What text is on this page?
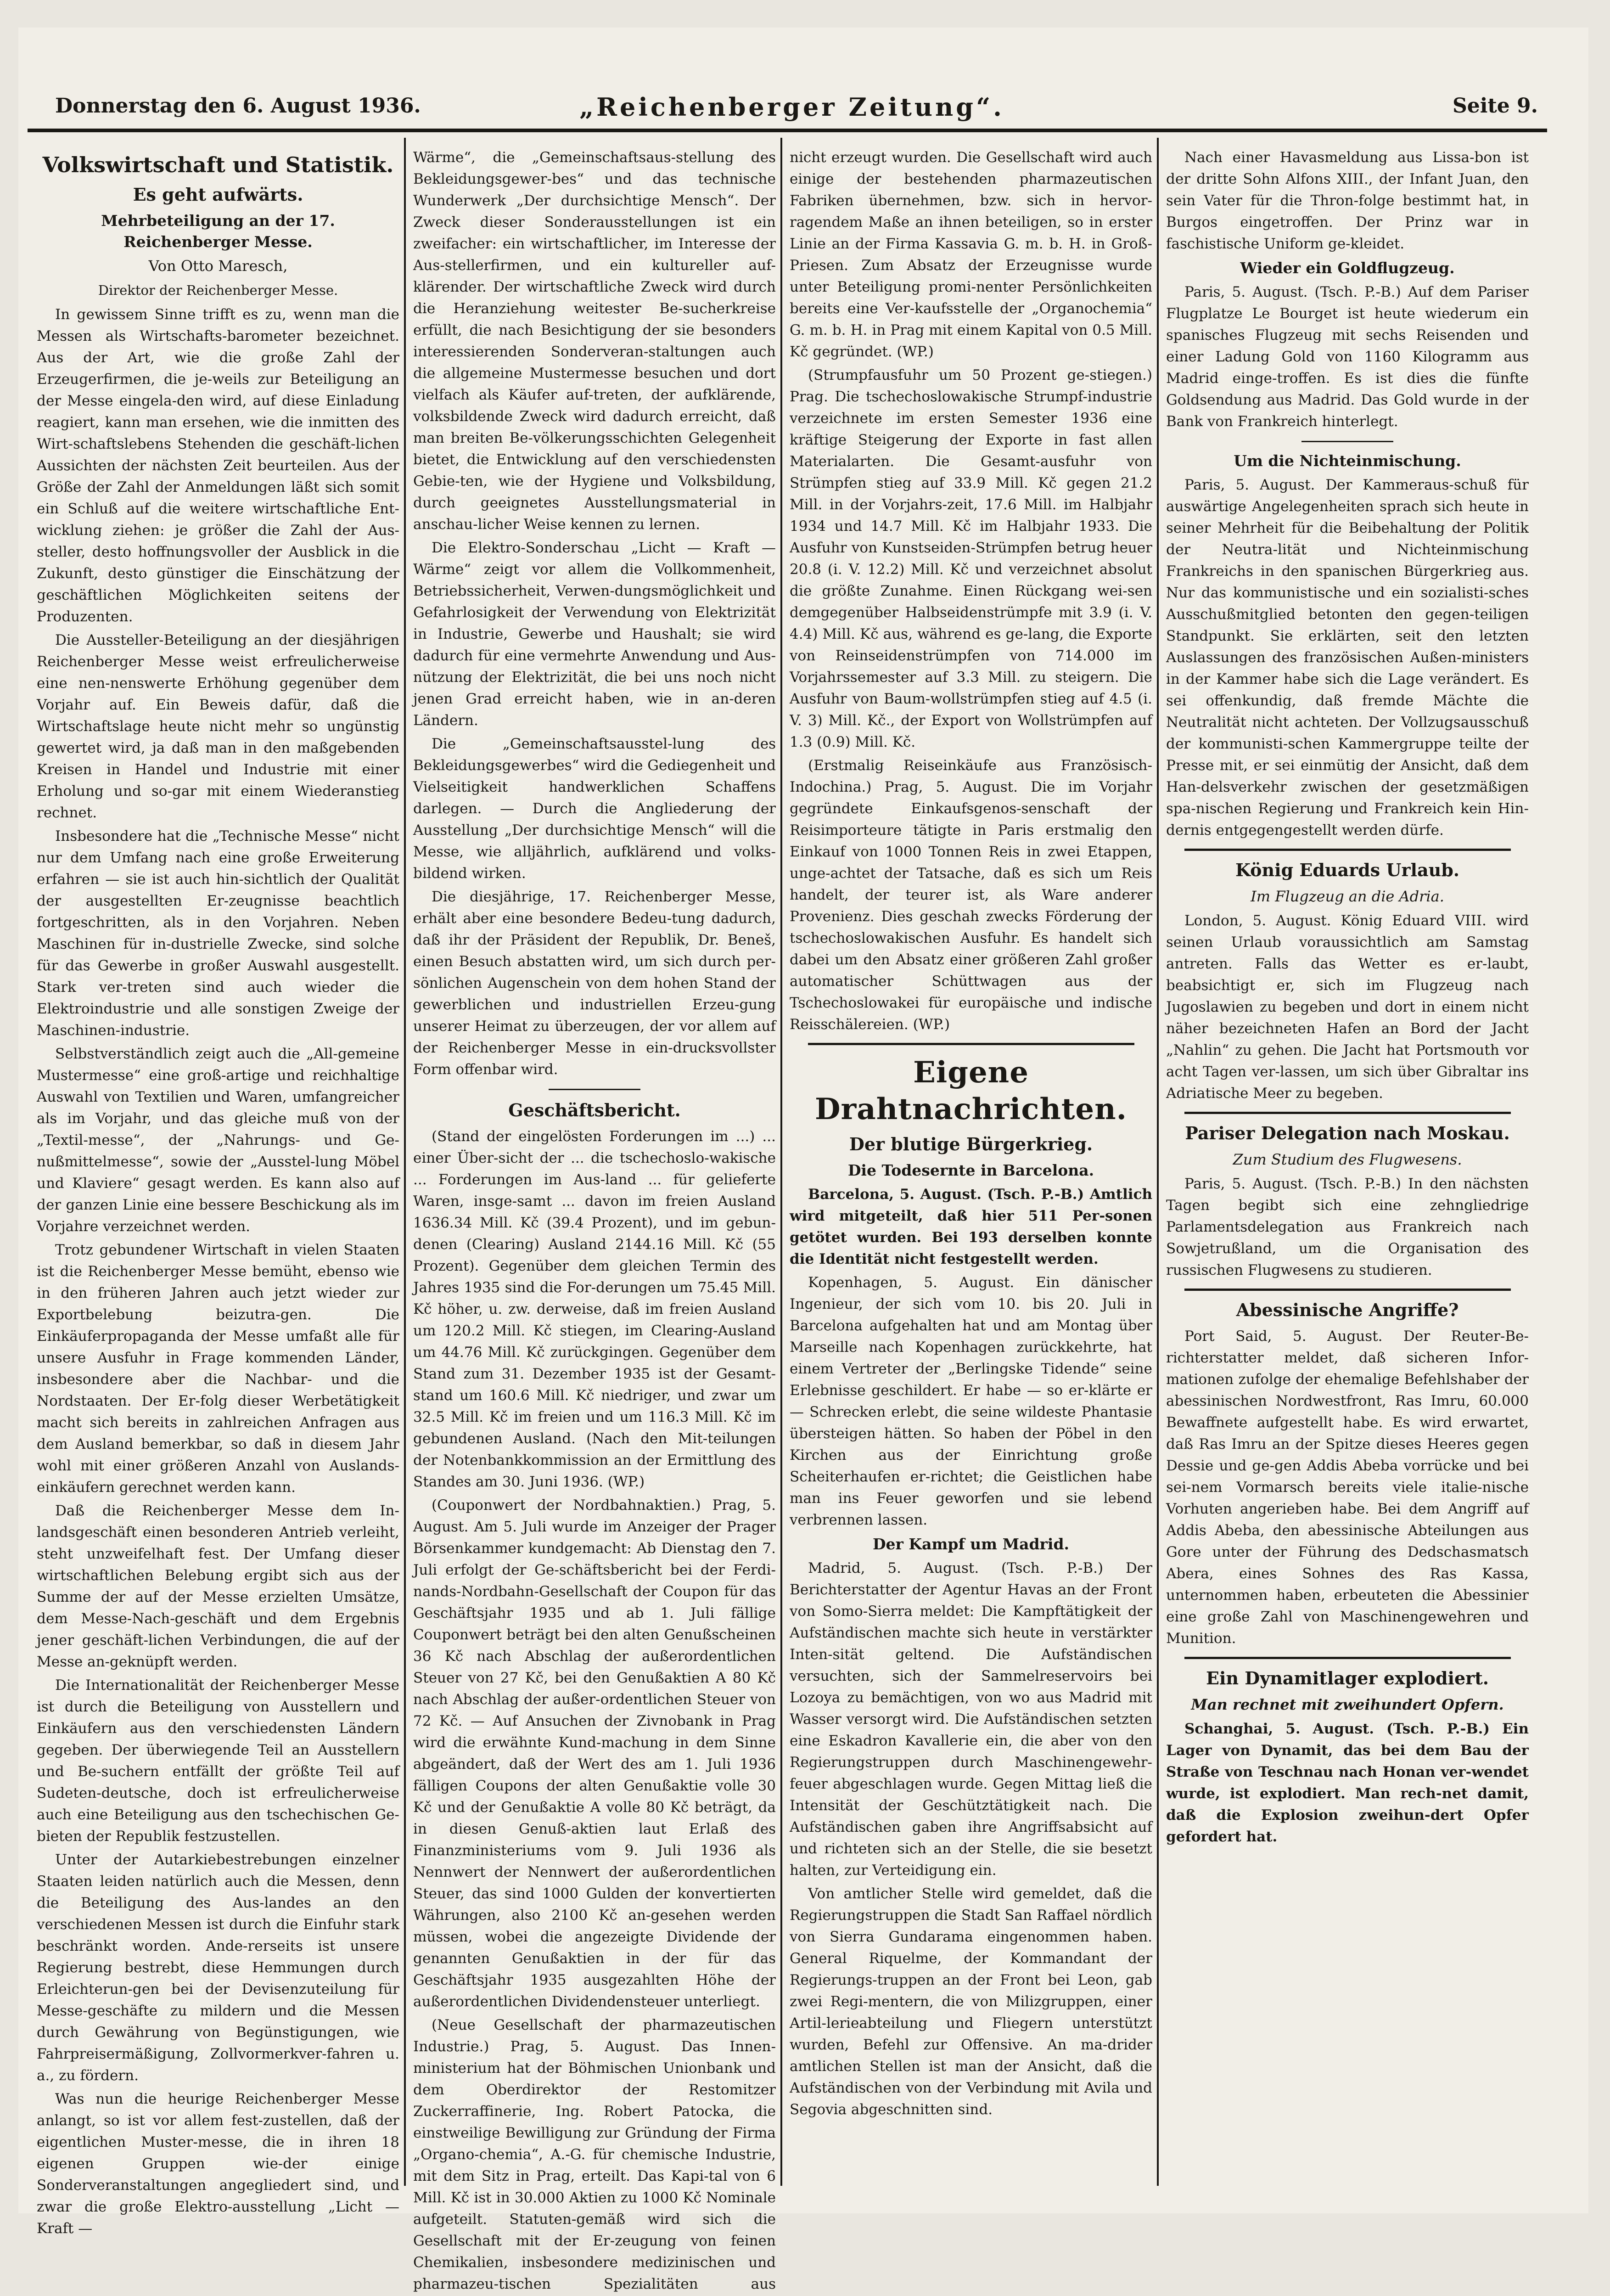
Donnerstag den 6. August 1936.	„Reichenberger Zeitung“.	Seite 9.
Volkswirtschaft und Statistik.
Es geht aufwärts.
Mehrbeteiligung an der 17. Reichenberger Messe.
Von Otto Maresch,
Direktor der Reichenberger Messe.

In gewissem Sinne trifft es zu, wenn man die Messen als Wirtschafts-barometer bezeichnet. Aus der Art, wie die große Zahl der Erzeugerfirmen, die je-weils zur Beteiligung an der Messe eingela-den wird, auf diese Einladung reagiert, kann man ersehen, wie die inmitten des Wirt-schaftslebens Stehenden die geschäft-lichen Aussichten der nächsten Zeit beurteilen. Aus der Größe der Zahl der Anmeldungen läßt sich somit ein Schluß auf die weitere wirtschaftliche Ent-wicklung ziehen: je größer die Zahl der Aus-steller, desto hoffnungsvoller der Ausblick in die Zukunft, desto günstiger die Einschätzung der geschäftlichen Möglichkeiten seitens der Produzenten.

Die Aussteller-Beteiligung an der diesjährigen Reichenberger Messe weist erfreulicherweise eine nen-nenswerte Erhöhung gegenüber dem Vorjahr auf. Ein Beweis dafür, daß die Wirtschaftslage heute nicht mehr so ungünstig gewertet wird, ja daß man in den maßgebenden Kreisen in Handel und Industrie mit einer Erholung und so-gar mit einem Wiederanstieg rechnet.

Insbesondere hat die „Technische Messe“ nicht nur dem Umfang nach eine große Erweiterung erfahren — sie ist auch hin-sichtlich der Qualität der ausgestellten Er-zeugnisse beachtlich fortgeschritten, als in den Vorjahren. Neben Maschinen für in-dustrielle Zwecke, sind solche für das Gewerbe in großer Auswahl ausgestellt. Stark ver-treten sind auch wieder die Elektroindustrie und alle sonstigen Zweige der Maschinen-industrie.

Selbstverständlich zeigt auch die „All-gemeine Mustermesse“ eine groß-artige und reichhaltige Auswahl von Textilien und Waren, umfangreicher als im Vorjahr, und das gleiche muß von der „Textil-messe“, der „Nahrungs- und Ge-nußmittelmesse“, sowie der „Ausstel-lung Möbel und Klaviere“ gesagt werden. Es kann also auf der ganzen Linie eine bessere Beschickung als im Vorjahre verzeichnet werden.

Trotz gebundener Wirtschaft in vielen Staaten ist die Reichenberger Messe bemüht, ebenso wie in den früheren Jahren auch jetzt wieder zur Exportbelebung beizutra-gen. Die Einkäuferpropaganda der Messe umfaßt alle für unsere Ausfuhr in Frage kommenden Länder, insbesondere aber die Nachbar- und die Nordstaaten. Der Er-folg dieser Werbetätigkeit macht sich bereits in zahlreichen Anfragen aus dem Ausland bemerkbar, so daß in diesem Jahr wohl mit einer größeren Anzahl von Auslands-einkäufern gerechnet werden kann.

Daß die Reichenberger Messe dem In-landsgeschäft einen besonderen Antrieb verleiht, steht unzweifelhaft fest. Der Umfang dieser wirtschaftlichen Belebung ergibt sich aus der Summe der auf der Messe erzielten Umsätze, dem Messe-Nach-geschäft und dem Ergebnis jener geschäft-lichen Verbindungen, die auf der Messe an-geknüpft werden.

Die Internationalität der Reichenberger Messe ist durch die Beteiligung von Ausstellern und Einkäufern aus den verschiedensten Ländern gegeben. Der überwiegende Teil an Ausstellern und Be-suchern entfällt der größte Teil auf Sudeten-deutsche, doch ist erfreulicherweise auch eine Beteiligung aus den tschechischen Ge-bieten der Republik festzustellen.

Unter der Autarkiebestrebungen einzelner Staaten leiden natürlich auch die Messen, denn die Beteiligung des Aus-landes an den verschiedenen Messen ist durch die Einfuhr stark beschränkt worden. Ande-rerseits ist unsere Regierung bestrebt, diese Hemmungen durch Erleichterun-gen bei der Devisenzuteilung für Messe-geschäfte zu mildern und die Messen durch Gewährung von Begünstigungen, wie Fahrpreisermäßigung, Zollvormerkver-fahren u. a., zu fördern.

Was nun die heurige Reichenberger Messe anlangt, so ist vor allem fest-zustellen, daß der eigentlichen Muster-messe, die in ihren 18 eigenen Gruppen wie-der einige Sonderveranstaltungen angegliedert sind, und zwar die große Elektro-ausstellung „Licht — Kraft —

Wärme“, die „Gemeinschaftsaus-stellung des Bekleidungsgewer-bes“ und das technische Wunderwerk „Der durchsichtige Mensch“. Der Zweck dieser Sonderausstellungen ist ein zweifacher: ein wirtschaftlicher, im Interesse der Aus-stellerfirmen, und ein kultureller auf-klärender. Der wirtschaftliche Zweck wird durch die Heranziehung weitester Be-sucherkreise erfüllt, die nach Besichtigung der sie besonders interessierenden Sonderveran-staltungen auch die allgemeine Mustermesse besuchen und dort vielfach als Käufer auf-treten, der aufklärende, volksbildende Zweck wird dadurch erreicht, daß man breiten Be-völkerungsschichten Gelegenheit bietet, die Entwicklung auf den verschiedensten Gebie-ten, wie der Hygiene und Volksbildung, durch geeignetes Ausstellungsmaterial in anschau-licher Weise kennen zu lernen.

Die Elektro-Sonderschau „Licht — Kraft — Wärme“ zeigt vor allem die Vollkommenheit, Betriebssicherheit, Verwen-dungsmöglichkeit und Gefahrlosigkeit der Verwendung von Elektrizität in Industrie, Gewerbe und Haushalt; sie wird dadurch für eine vermehrte Anwendung und Aus-nützung der Elektrizität, die bei uns noch nicht jenen Grad erreicht haben, wie in an-deren Ländern.

Die „Gemeinschaftsausstel-lung des Bekleidungsgewerbes“ wird die Gediegenheit und Vielseitigkeit handwerklichen Schaffens darlegen. — Durch die Angliederung der Ausstellung „Der durchsichtige Mensch“ will die Messe, wie alljährlich, aufklärend und volks-bildend wirken.

Die diesjährige, 17. Reichenberger Messe, erhält aber eine besondere Bedeu-tung dadurch, daß ihr der Präsident der Republik, Dr. Beneš, einen Besuch abstatten wird, um sich durch per-sönlichen Augenschein von dem hohen Stand der gewerblichen und industriellen Erzeu-gung unserer Heimat zu überzeugen, der vor allem auf der Reichenberger Messe in ein-drucksvollster Form offenbar wird.

Geschäftsbericht.

(Stand der eingelösten Forderungen im ...) ... einer Über-sicht der ... die tschechoslo-wakische ... Forderungen im Aus-land ... für gelieferte Waren, insge-samt ... davon im freien Ausland 1636.34 Mill. Kč (39.4 Prozent), und im gebun-denen (Clearing) Ausland 2144.16 Mill. Kč (55 Prozent). Gegenüber dem gleichen Termin des Jahres 1935 sind die For-derungen um 75.45 Mill. Kč höher, u. zw. derweise, daß im freien Ausland um 120.2 Mill. Kč stiegen, im Clearing-Ausland um 44.76 Mill. Kč zurückgingen. Gegenüber dem Stand zum 31. Dezember 1935 ist der Gesamt-stand um 160.6 Mill. Kč niedriger, und zwar um 32.5 Mill. Kč im freien und um 116.3 Mill. Kč im gebundenen Ausland. (Nach den Mit-teilungen der Notenbankkommission an der Ermittlung des Standes am 30. Juni 1936. (WP.)

(Couponwert der Nordbahnaktien.) Prag, 5. August. Am 5. Juli wurde im Anzeiger der Prager Börsenkammer kundgemacht: Ab Dienstag den 7. Juli erfolgt der Ge-schäftsbericht bei der Ferdi-nands-Nordbahn-Gesellschaft der Coupon für das Geschäftsjahr 1935 und ab 1. Juli fällige Couponwert beträgt bei den alten Genußscheinen 36 Kč nach Abschlag der außerordentlichen Steuer von 27 Kč, bei den Genußaktien A 80 Kč nach Abschlag der außer-ordentlichen Steuer von 72 Kč. — Auf Ansuchen der Zivnobank in Prag wird die erwähnte Kund-machung in dem Sinne abgeändert, daß der Wert des am 1. Juli 1936 fälligen Coupons der alten Genußaktie volle 30 Kč und der Genußaktie A volle 80 Kč beträgt, da in diesen Genuß-aktien laut Erlaß des Finanzministeriums vom 9. Juli 1936 als Nennwert der Nennwert der außerordentlichen Steuer, das sind 1000 Gulden der konvertierten Währungen, also 2100 Kč an-gesehen werden müssen, wobei die angezeigte Dividende der genannten Genußaktien in der für das Geschäftsjahr 1935 ausgezahlten Höhe der außerordentlichen Dividendensteuer unterliegt.

(Neue Gesellschaft der pharmazeutischen Industrie.) Prag, 5. August. Das Innen-ministerium hat der Böhmischen Unionbank und dem Oberdirektor der Restomitzer Zuckerraffinerie, Ing. Robert Patocka, die einstweilige Bewilligung zur Gründung der Firma „Organo-chemia“, A.-G. für chemische Industrie, mit dem Sitz in Prag, erteilt. Das Kapi-tal von 6 Mill. Kč ist in 30.000 Aktien zu 1000 Kč Nominale aufgeteilt. Statuten-gemäß wird sich die Gesellschaft mit der Er-zeugung von feinen Chemikalien, insbesondere medizinischen und pharmazeu-tischen Spezialitäten aus

nicht erzeugt wurden. Die Gesellschaft wird auch einige der bestehenden pharmazeutischen Fabriken übernehmen, bzw. sich in hervor-ragendem Maße an ihnen beteiligen, so in erster Linie an der Firma Kassavia G. m. b. H. in Groß-Priesen. Zum Absatz der Erzeugnisse wurde unter Beteiligung promi-nenter Persönlichkeiten bereits eine Ver-kaufsstelle der „Organochemia“ G. m. b. H. in Prag mit einem Kapital von 0.5 Mill. Kč gegründet. (WP.)

(Strumpfausfuhr um 50 Prozent ge-stiegen.) Prag. Die tschechoslowakische Strumpf-industrie verzeichnete im ersten Semester 1936 eine kräftige Steigerung der Exporte in fast allen Materialarten. Die Gesamt-ausfuhr von Strümpfen stieg auf 33.9 Mill. Kč gegen 21.2 Mill. in der Vorjahrs-zeit, 17.6 Mill. im Halbjahr 1934 und 14.7 Mill. Kč im Halbjahr 1933. Die Ausfuhr von Kunstseiden-Strümpfen betrug heuer 20.8 (i. V. 12.2) Mill. Kč und verzeichnet absolut die größte Zunahme. Einen Rückgang wei-sen demgegenüber Halbseidenstrümpfe mit 3.9 (i. V. 4.4) Mill. Kč aus, während es ge-lang, die Exporte von Reinseidenstrümpfen von 714.000 im Vorjahrssemester auf 3.3 Mill. zu steigern. Die Ausfuhr von Baum-wollstrümpfen stieg auf 4.5 (i. V. 3) Mill. Kč., der Export von Wollstrümpfen auf 1.3 (0.9) Mill. Kč.

(Erstmalig Reiseinkäufe aus Französisch-Indochina.) Prag, 5. August. Die im Vorjahr gegründete Einkaufsgenos-senschaft der Reisimporteure tätigte in Paris erstmalig den Einkauf von 1000 Tonnen Reis in zwei Etappen, unge-achtet der Tatsache, daß es sich um Reis handelt, der teurer ist, als Ware anderer Provenienz. Dies geschah zwecks Förderung der tschechoslowakischen Ausfuhr. Es handelt sich dabei um den Absatz einer größeren Zahl großer automatischer Schüttwagen aus der Tschechoslowakei für europäische und indische Reisschälereien. (WP.)

Eigene Drahtnachrichten.
Der blutige Bürgerkrieg.
Die Todesernte in Barcelona.

Barcelona, 5. August. (Tsch. P.-B.) Amtlich wird mitgeteilt, daß hier 511 Per-sonen getötet wurden. Bei 193 derselben konnte die Identität nicht festgestellt werden.

Kopenhagen, 5. August. Ein dänischer Ingenieur, der sich vom 10. bis 20. Juli in Barcelona aufgehalten hat und am Montag über Marseille nach Kopenhagen zurückkehrte, hat einem Vertreter der „Berlingske Tidende“ seine Erlebnisse geschildert. Er habe — so er-klärte er — Schrecken erlebt, die seine wildeste Phantasie übersteigen hätten. So haben der Pöbel in den Kirchen aus der Einrichtung große Scheiterhaufen er-richtet; die Geistlichen habe man ins Feuer geworfen und sie lebend verbrennen lassen.

Der Kampf um Madrid.

Madrid, 5. August. (Tsch. P.-B.) Der Berichterstatter der Agentur Havas an der Front von Somo-Sierra meldet: Die Kampftätigkeit der Aufständischen machte sich heute in verstärkter Inten-sität geltend. Die Aufständischen versuchten, sich der Sammelreservoirs bei Lozoya zu bemächtigen, von wo aus Madrid mit Wasser versorgt wird. Die Aufständischen setzten eine Eskadron Kavallerie ein, die aber von den Regierungstruppen durch Maschinengewehr-feuer abgeschlagen wurde. Gegen Mittag ließ die Intensität der Geschütztätigkeit nach. Die Aufständischen gaben ihre Angriffsabsicht auf und richteten sich an der Stelle, die sie besetzt halten, zur Verteidigung ein.

Von amtlicher Stelle wird gemeldet, daß die Regierungstruppen die Stadt San Raffael nördlich von Sierra Gundarama eingenommen haben. General Riquelme, der Kommandant der Regierungs-truppen an der Front bei Leon, gab zwei Regi-mentern, die von Milizgruppen, einer Artil-lerieabteilung und Fliegern unterstützt wurden, Befehl zur Offensive. An ma-drider amtlichen Stellen ist man der Ansicht, daß die Aufständischen von der Verbindung mit Avila und Segovia abgeschnitten sind.

Nach einer Havasmeldung aus Lissa-bon ist der dritte Sohn Alfons XIII., der Infant Juan, den sein Vater für die Thron-folge bestimmt hat, in Burgos eingetroffen. Der Prinz war in faschistische Uniform ge-kleidet.

Wieder ein Goldflugzeug.

Paris, 5. August. (Tsch. P.-B.) Auf dem Pariser Flugplatze Le Bourget ist heute wiederum ein spanisches Flugzeug mit sechs Reisenden und einer Ladung Gold von 1160 Kilogramm aus Madrid einge-troffen. Es ist dies die fünfte Goldsendung aus Madrid. Das Gold wurde in der Bank von Frankreich hinterlegt.

Um die Nichteinmischung.

Paris, 5. August. Der Kammeraus-schuß für auswärtige Angelegenheiten sprach sich heute in seiner Mehrheit für die Beibehaltung der Politik der Neutra-lität und Nichteinmischung Frankreichs in den spanischen Bürgerkrieg aus. Nur das kommunistische und ein sozialisti-sches Ausschußmitglied betonten den gegen-teiligen Standpunkt. Sie erklärten, seit den letzten Auslassungen des französischen Außen-ministers in der Kammer habe sich die Lage verändert. Es sei offenkundig, daß fremde Mächte die Neutralität nicht achteten. Der Vollzugsausschuß der kommunisti-schen Kammergruppe teilte der Presse mit, er sei einmütig der Ansicht, daß dem Han-delsverkehr zwischen der gesetzmäßigen spa-nischen Regierung und Frankreich kein Hin-dernis entgegengestellt werden dürfe.

König Eduards Urlaub.
Im Flugzeug an die Adria.

London, 5. August. König Eduard VIII. wird seinen Urlaub voraussichtlich am Samstag antreten. Falls das Wetter es er-laubt, beabsichtigt er, sich im Flugzeug nach Jugoslawien zu begeben und dort in einem nicht näher bezeichneten Hafen an Bord der Jacht „Nahlin“ zu gehen. Die Jacht hat Portsmouth vor acht Tagen ver-lassen, um sich über Gibraltar ins Adriatische Meer zu begeben.

Pariser Delegation nach Moskau.
Zum Studium des Flugwesens.

Paris, 5. August. (Tsch. P.-B.) In den nächsten Tagen begibt sich eine zehngliedrige Parlamentsdelegation aus Frankreich nach Sowjetrußland, um die Organisation des russischen Flugwesens zu studieren.

Abessinische Angriffe?

Port Said, 5. August. Der Reuter-Be-richterstatter meldet, daß sicheren Infor-mationen zufolge der ehemalige Befehlshaber der abessinischen Nordwestfront, Ras Imru, 60.000 Bewaffnete aufgestellt habe. Es wird erwartet, daß Ras Imru an der Spitze dieses Heeres gegen Dessie und ge-gen Addis Abeba vorrücke und bei sei-nem Vormarsch bereits viele italie-nische Vorhuten angerieben habe. Bei dem Angriff auf Addis Abeba, den abessinische Abteilungen aus Gore unter der Führung des Dedschasmatsch Abera, eines Sohnes des Ras Kassa, unternommen haben, erbeuteten die Abessinier eine große Zahl von Maschinengewehren und Munition.

Ein Dynamitlager explodiert.
Man rechnet mit zweihundert Opfern.

Schanghai, 5. August. (Tsch. P.-B.) Ein Lager von Dynamit, das bei dem Bau der Straße von Teschnau nach Honan ver-wendet wurde, ist explodiert. Man rech-net damit, daß die Explosion zweihun-dert Opfer gefordert hat.
